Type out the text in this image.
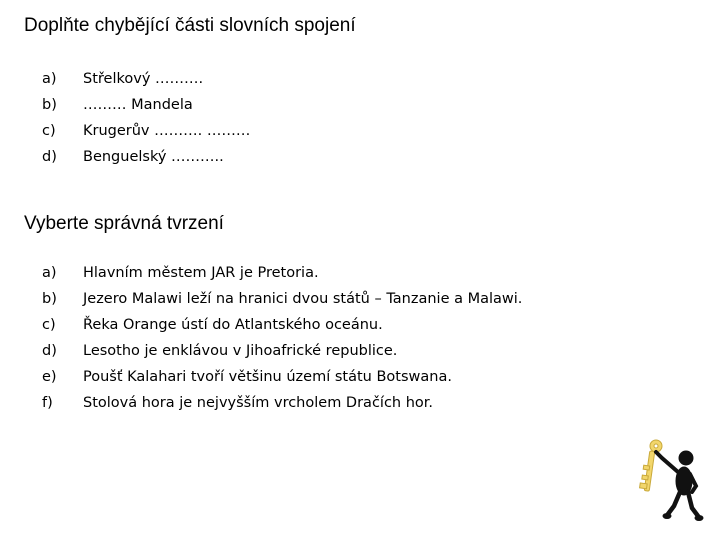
Doplňte chybějící části slovních spojení
a)	Střelkový ……….
b)	……… Mandela
c)	Krugerův ………. ………
d)	Benguelský ………..
Vyberte správná tvrzení
a)	Hlavním městem JAR je Pretoria.
b)	Jezero Malawi leží na hranici dvou států – Tanzanie a Malawi.
c)	Řeka Orange ústí do Atlantského oceánu.
d)	Lesotho je enklávou v Jihoafrické republice.
e)	Poušť Kalahari tvoří většinu území státu Botswana.
f)	Stolová hora je nejvyšším vrcholem Dračích hor.
